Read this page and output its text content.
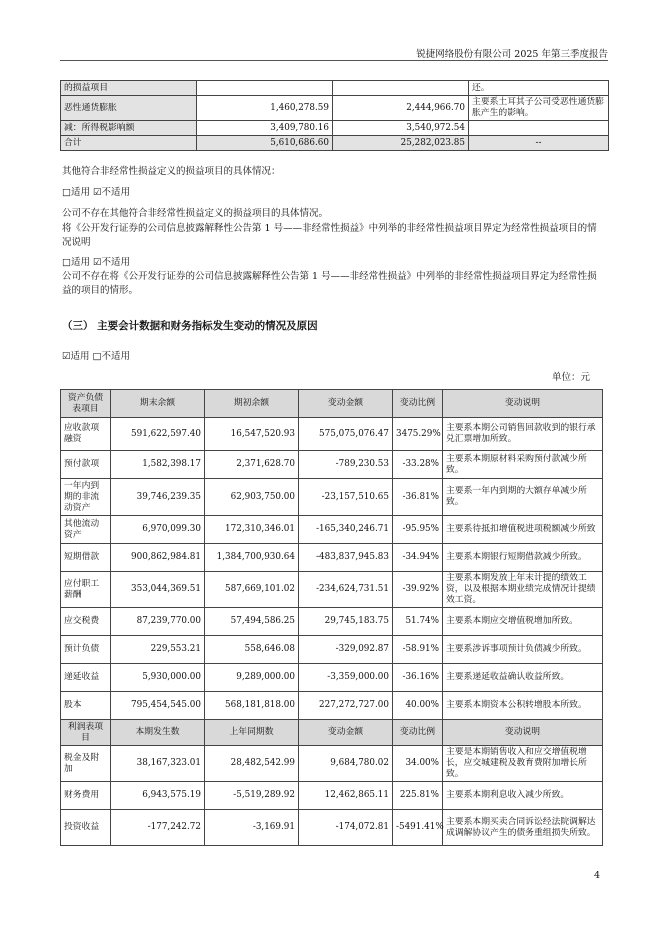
锐捷网络股份有限公司 2025 年第三季度报告
的损益项目			还。
恶性通货膨胀	1,460,278.59	2,444,966.70	主要系土耳其子公司受恶性通货膨胀产生的影响。
减：所得税影响额	3,409,780.16	3,540,972.54	
合计	5,610,686.60	25,282,023.85	--
其他符合非经常性损益定义的损益项目的具体情况：
□适用 ☑不适用
公司不存在其他符合非经常性损益定义的损益项目的具体情况。
将《公开发行证券的公司信息披露解释性公告第 1 号——非经常性损益》中列举的非经常性损益项目界定为经常性损益项目的情况说明
□适用 ☑不适用
公司不存在将《公开发行证券的公司信息披露解释性公告第 1 号——非经常性损益》中列举的非经常性损益项目界定为经常性损益的项目的情形。
（三） 主要会计数据和财务指标发生变动的情况及原因
☑适用 □不适用
单位：元
资产负债表项目	期末余额	期初余额	变动金额	变动比例	变动说明
应收款项融资	591,622,597.40	16,547,520.93	575,075,076.47	3475.29%	主要系本期公司销售回款收到的银行承兑汇票增加所致。
预付款项	1,582,398.17	2,371,628.70	-789,230.53	-33.28%	主要系本期原材料采购预付款减少所致。
一年内到期的非流动资产	39,746,239.35	62,903,750.00	-23,157,510.65	-36.81%	主要系一年内到期的大额存单减少所致。
其他流动资产	6,970,099.30	172,310,346.01	-165,340,246.71	-95.95%	主要系待抵扣增值税进项税额减少所致
短期借款	900,862,984.81	1,384,700,930.64	-483,837,945.83	-34.94%	主要系本期银行短期借款减少所致。
应付职工薪酬	353,044,369.51	587,669,101.02	-234,624,731.51	-39.92%	主要系本期发放上年末计提的绩效工资，以及根据本期业绩完成情况计提绩效工资。
应交税费	87,239,770.00	57,494,586.25	29,745,183.75	51.74%	主要系本期应交增值税增加所致。
预计负债	229,553.21	558,646.08	-329,092.87	-58.91%	主要系涉诉事项预计负债减少所致。
递延收益	5,930,000.00	9,289,000.00	-3,359,000.00	-36.16%	主要系递延收益确认收益所致。
股本	795,454,545.00	568,181,818.00	227,272,727.00	40.00%	主要系本期资本公积转增股本所致。
利润表项目	本期发生数	上年同期数	变动金额	变动比例	变动说明
税金及附加	38,167,323.01	28,482,542.99	9,684,780.02	34.00%	主要是本期销售收入和应交增值税增长，应交城建税及教育费附加增长所致。
财务费用	6,943,575.19	-5,519,289.92	12,462,865.11	225.81%	主要系本期利息收入减少所致。
投资收益	-177,242.72	-3,169.91	-174,072.81	-5491.41%	主要系本期买卖合同诉讼经法院调解达成调解协议产生的债务重组损失所致。
4
